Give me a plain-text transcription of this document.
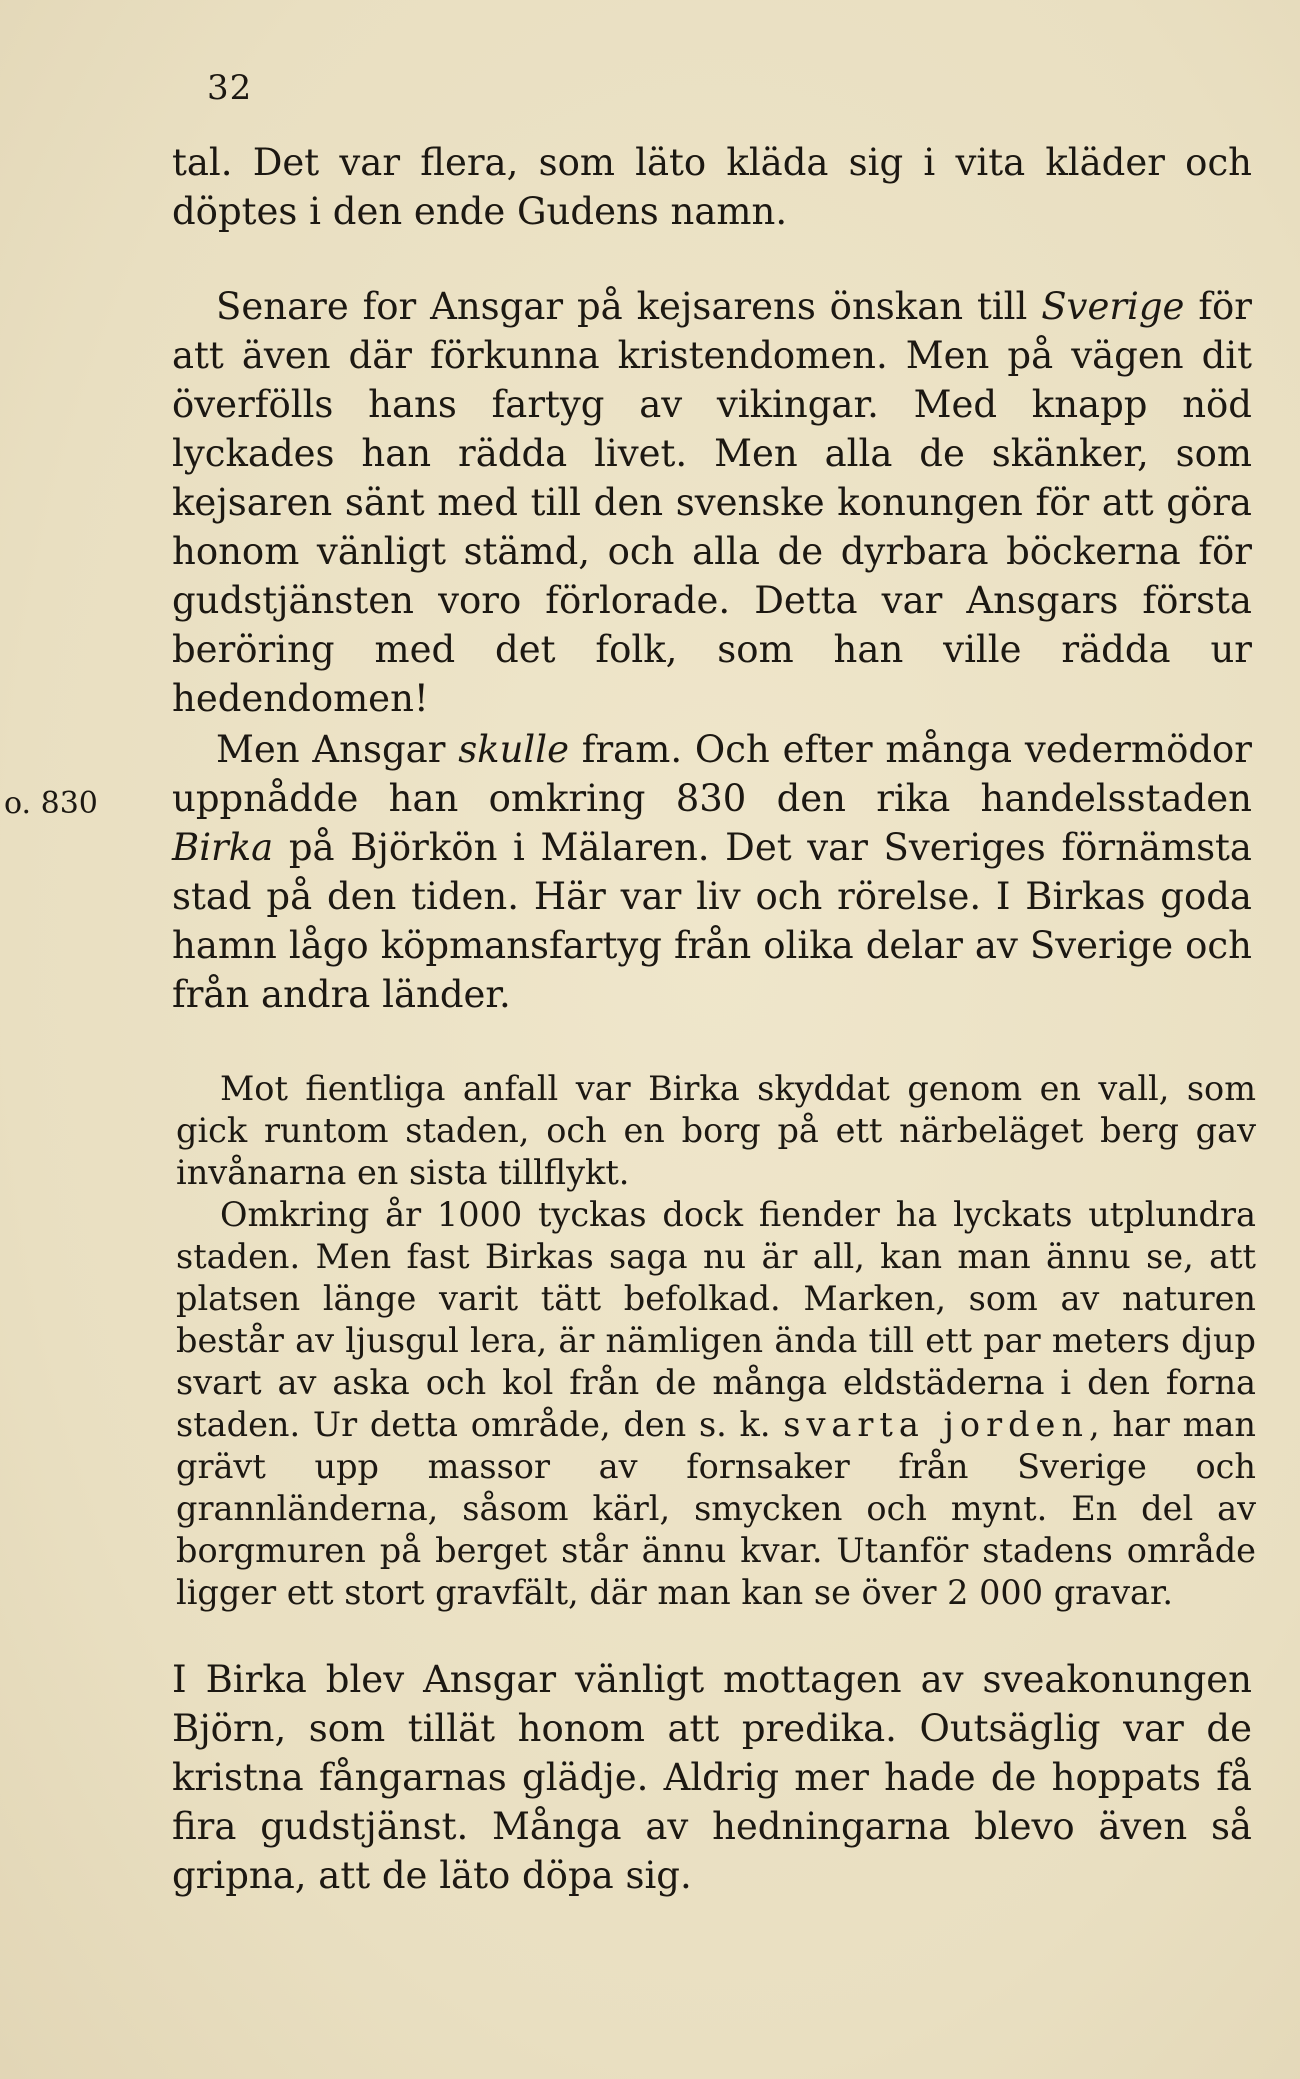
32
o. 830

tal. Det var flera, som läto kläda sig i vita kläder och döptes i den ende Gudens namn.

Senare for Ansgar på kejsarens önskan till Sverige för att även där förkunna kristendomen. Men på vägen dit överfölls hans fartyg av vikingar. Med knapp nöd lyckades han rädda livet. Men alla de skänker, som kejsaren sänt med till den svenske konungen för att göra honom vänligt stämd, och alla de dyrbara böckerna för gudstjänsten voro förlorade. Detta var Ansgars första beröring med det folk, som han ville rädda ur hedendomen!

Men Ansgar skulle fram. Och efter många vedermödor uppnådde han omkring 830 den rika handelsstaden Birka på Björkön i Mälaren. Det var Sveriges förnämsta stad på den tiden. Här var liv och rörelse. I Birkas goda hamn lågo köpmansfartyg från olika delar av Sverige och från andra länder.

Mot fientliga anfall var Birka skyddat genom en vall, som gick runtom staden, och en borg på ett närbeläget berg gav invånarna en sista tillflykt.

Omkring år 1000 tyckas dock fiender ha lyckats utplundra staden. Men fast Birkas saga nu är all, kan man ännu se, att platsen länge varit tätt befolkad. Marken, som av naturen består av ljusgul lera, är nämligen ända till ett par meters djup svart av aska och kol från de många eldstäderna i den forna staden. Ur detta område, den s. k. svarta jorden, har man grävt upp massor av fornsaker från Sverige och grannländerna, såsom kärl, smycken och mynt. En del av borgmuren på berget står ännu kvar. Utanför stadens område ligger ett stort gravfält, där man kan se över 2 000 gravar.

I Birka blev Ansgar vänligt mottagen av sveakonungen Björn, som tillät honom att predika. Outsäglig var de kristna fångarnas glädje. Aldrig mer hade de hoppats få fira gudstjänst. Många av hedningarna blevo även så gripna, att de läto döpa sig.
